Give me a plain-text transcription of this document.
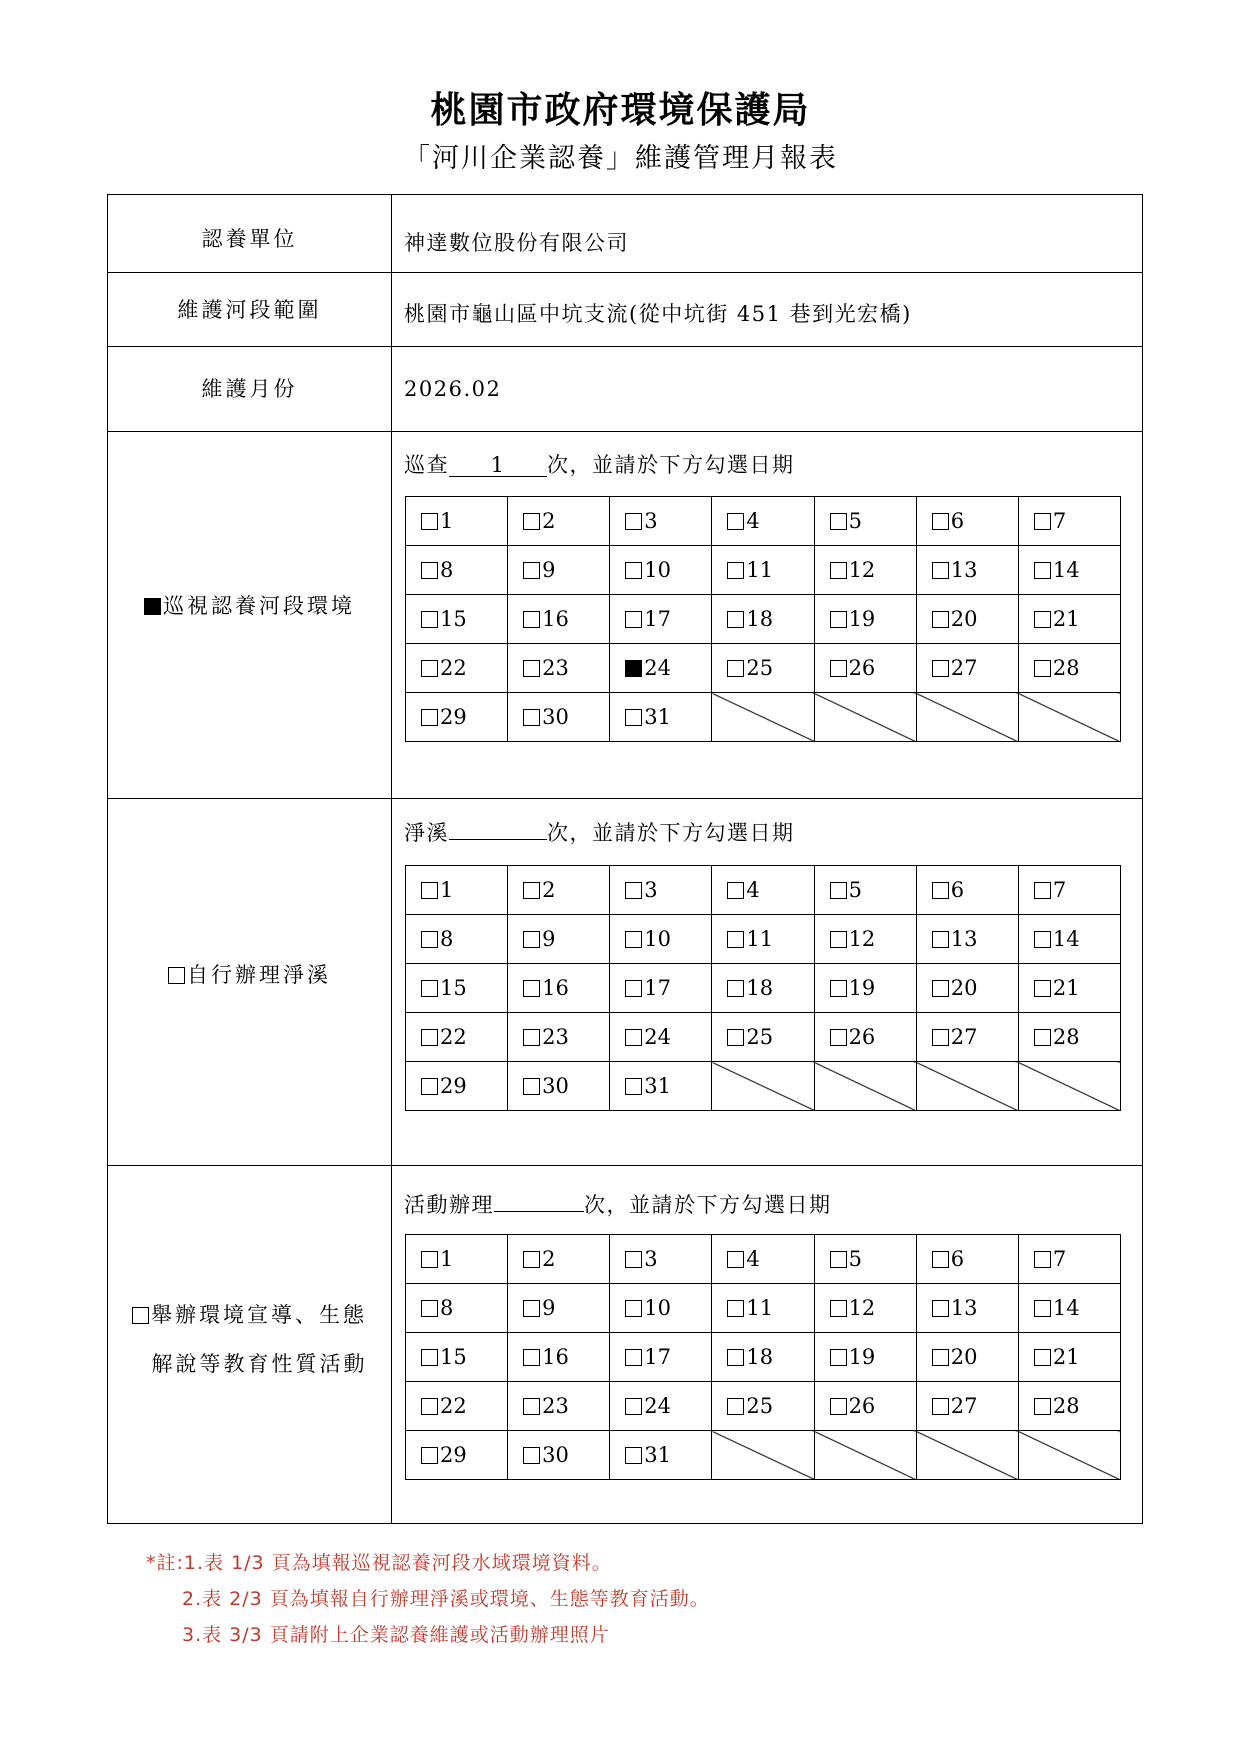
桃園市政府環境保護局
「河川企業認養」維護管理月報表
認養單位	神達數位股份有限公司
維護河段範圍	桃園市龜山區中坑支流(從中坑街 451 巷到光宏橋)
維護月份	2026.02
巡視認養河段環境
巡查 1 次，並請於下方勾選日期
1	2	3	4	5	6	7
8	9	10	11	12	13	14
15	16	17	18	19	20	21
22	23	24	25	26	27	28
29	30	31				
自行辦理淨溪
淨溪	次，並請於下方勾選日期
1	2	3	4	5	6	7
8	9	10	11	12	13	14
15	16	17	18	19	20	21
22	23	24	25	26	27	28
29	30	31				
舉辦環境宣導、生態
解說等教育性質活動
活動辦理	次，並請於下方勾選日期
1	2	3	4	5	6	7
8	9	10	11	12	13	14
15	16	17	18	19	20	21
22	23	24	25	26	27	28
29	30	31				
*註:1.表 1/3 頁為填報巡視認養河段水域環境資料。
2.表 2/3 頁為填報自行辦理淨溪或環境、生態等教育活動。
3.表 3/3 頁請附上企業認養維護或活動辦理照片
